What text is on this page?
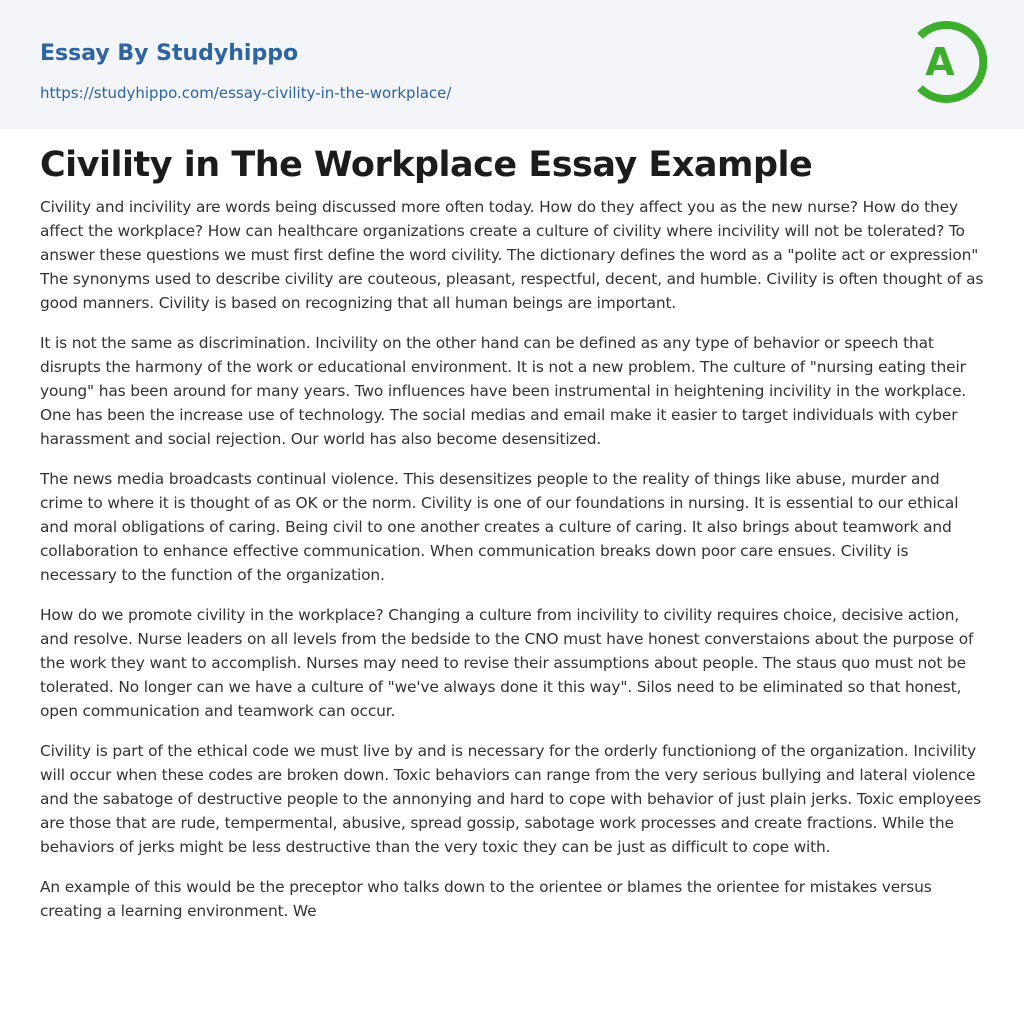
Essay By Studyhippo
https://studyhippo.com/essay-civility-in-the-workplace/
A
Civility in The Workplace Essay Example

Civility and incivility are words being discussed more often today. How do they affect you as the new nurse? How do they affect the workplace? How can healthcare organizations create a culture of civility where incivility will not be tolerated? To answer these questions we must first define the word civility. The dictionary defines the word as a "polite act or expression" The synonyms used to describe civility are couteous, pleasant, respectful, decent, and humble. Civility is often thought of as good manners. Civility is based on recognizing that all human beings are important.

It is not the same as discrimination. Incivility on the other hand can be defined as any type of behavior or speech that disrupts the harmony of the work or educational environment. It is not a new problem. The culture of "nursing eating their young" has been around for many years. Two influences have been instrumental in heightening incivility in the workplace. One has been the increase use of technology. The social medias and email make it easier to target individuals with cyber harassment and social rejection. Our world has also become desensitized.

The news media broadcasts continual violence. This desensitizes people to the reality of things like abuse, murder and crime to where it is thought of as OK or the norm. Civility is one of our foundations in nursing. It is essential to our ethical and moral obligations of caring. Being civil to one another creates a culture of caring. It also brings about teamwork and collaboration to enhance effective communication. When communication breaks down poor care ensues. Civility is necessary to the function of the organization.

How do we promote civility in the workplace? Changing a culture from incivility to civility requires choice, decisive action, and resolve. Nurse leaders on all levels from the bedside to the CNO must have honest converstaions about the purpose of the work they want to accomplish. Nurses may need to revise their assumptions about people. The staus quo must not be tolerated. No longer can we have a culture of "we've always done it this way". Silos need to be eliminated so that honest, open communication and teamwork can occur.

Civility is part of the ethical code we must live by and is necessary for the orderly functioniong of the organization. Incivility will occur when these codes are broken down. Toxic behaviors can range from the very serious bullying and lateral violence and the sabatoge of destructive people to the annonying and hard to cope with behavior of just plain jerks. Toxic employees are those that are rude, tempermental, abusive, spread gossip, sabotage work processes and create fractions. While the behaviors of jerks might be less destructive than the very toxic they can be just as difficult to cope with.

An example of this would be the preceptor who talks down to the orientee or blames the orientee for mistakes versus creating a learning environment. We
